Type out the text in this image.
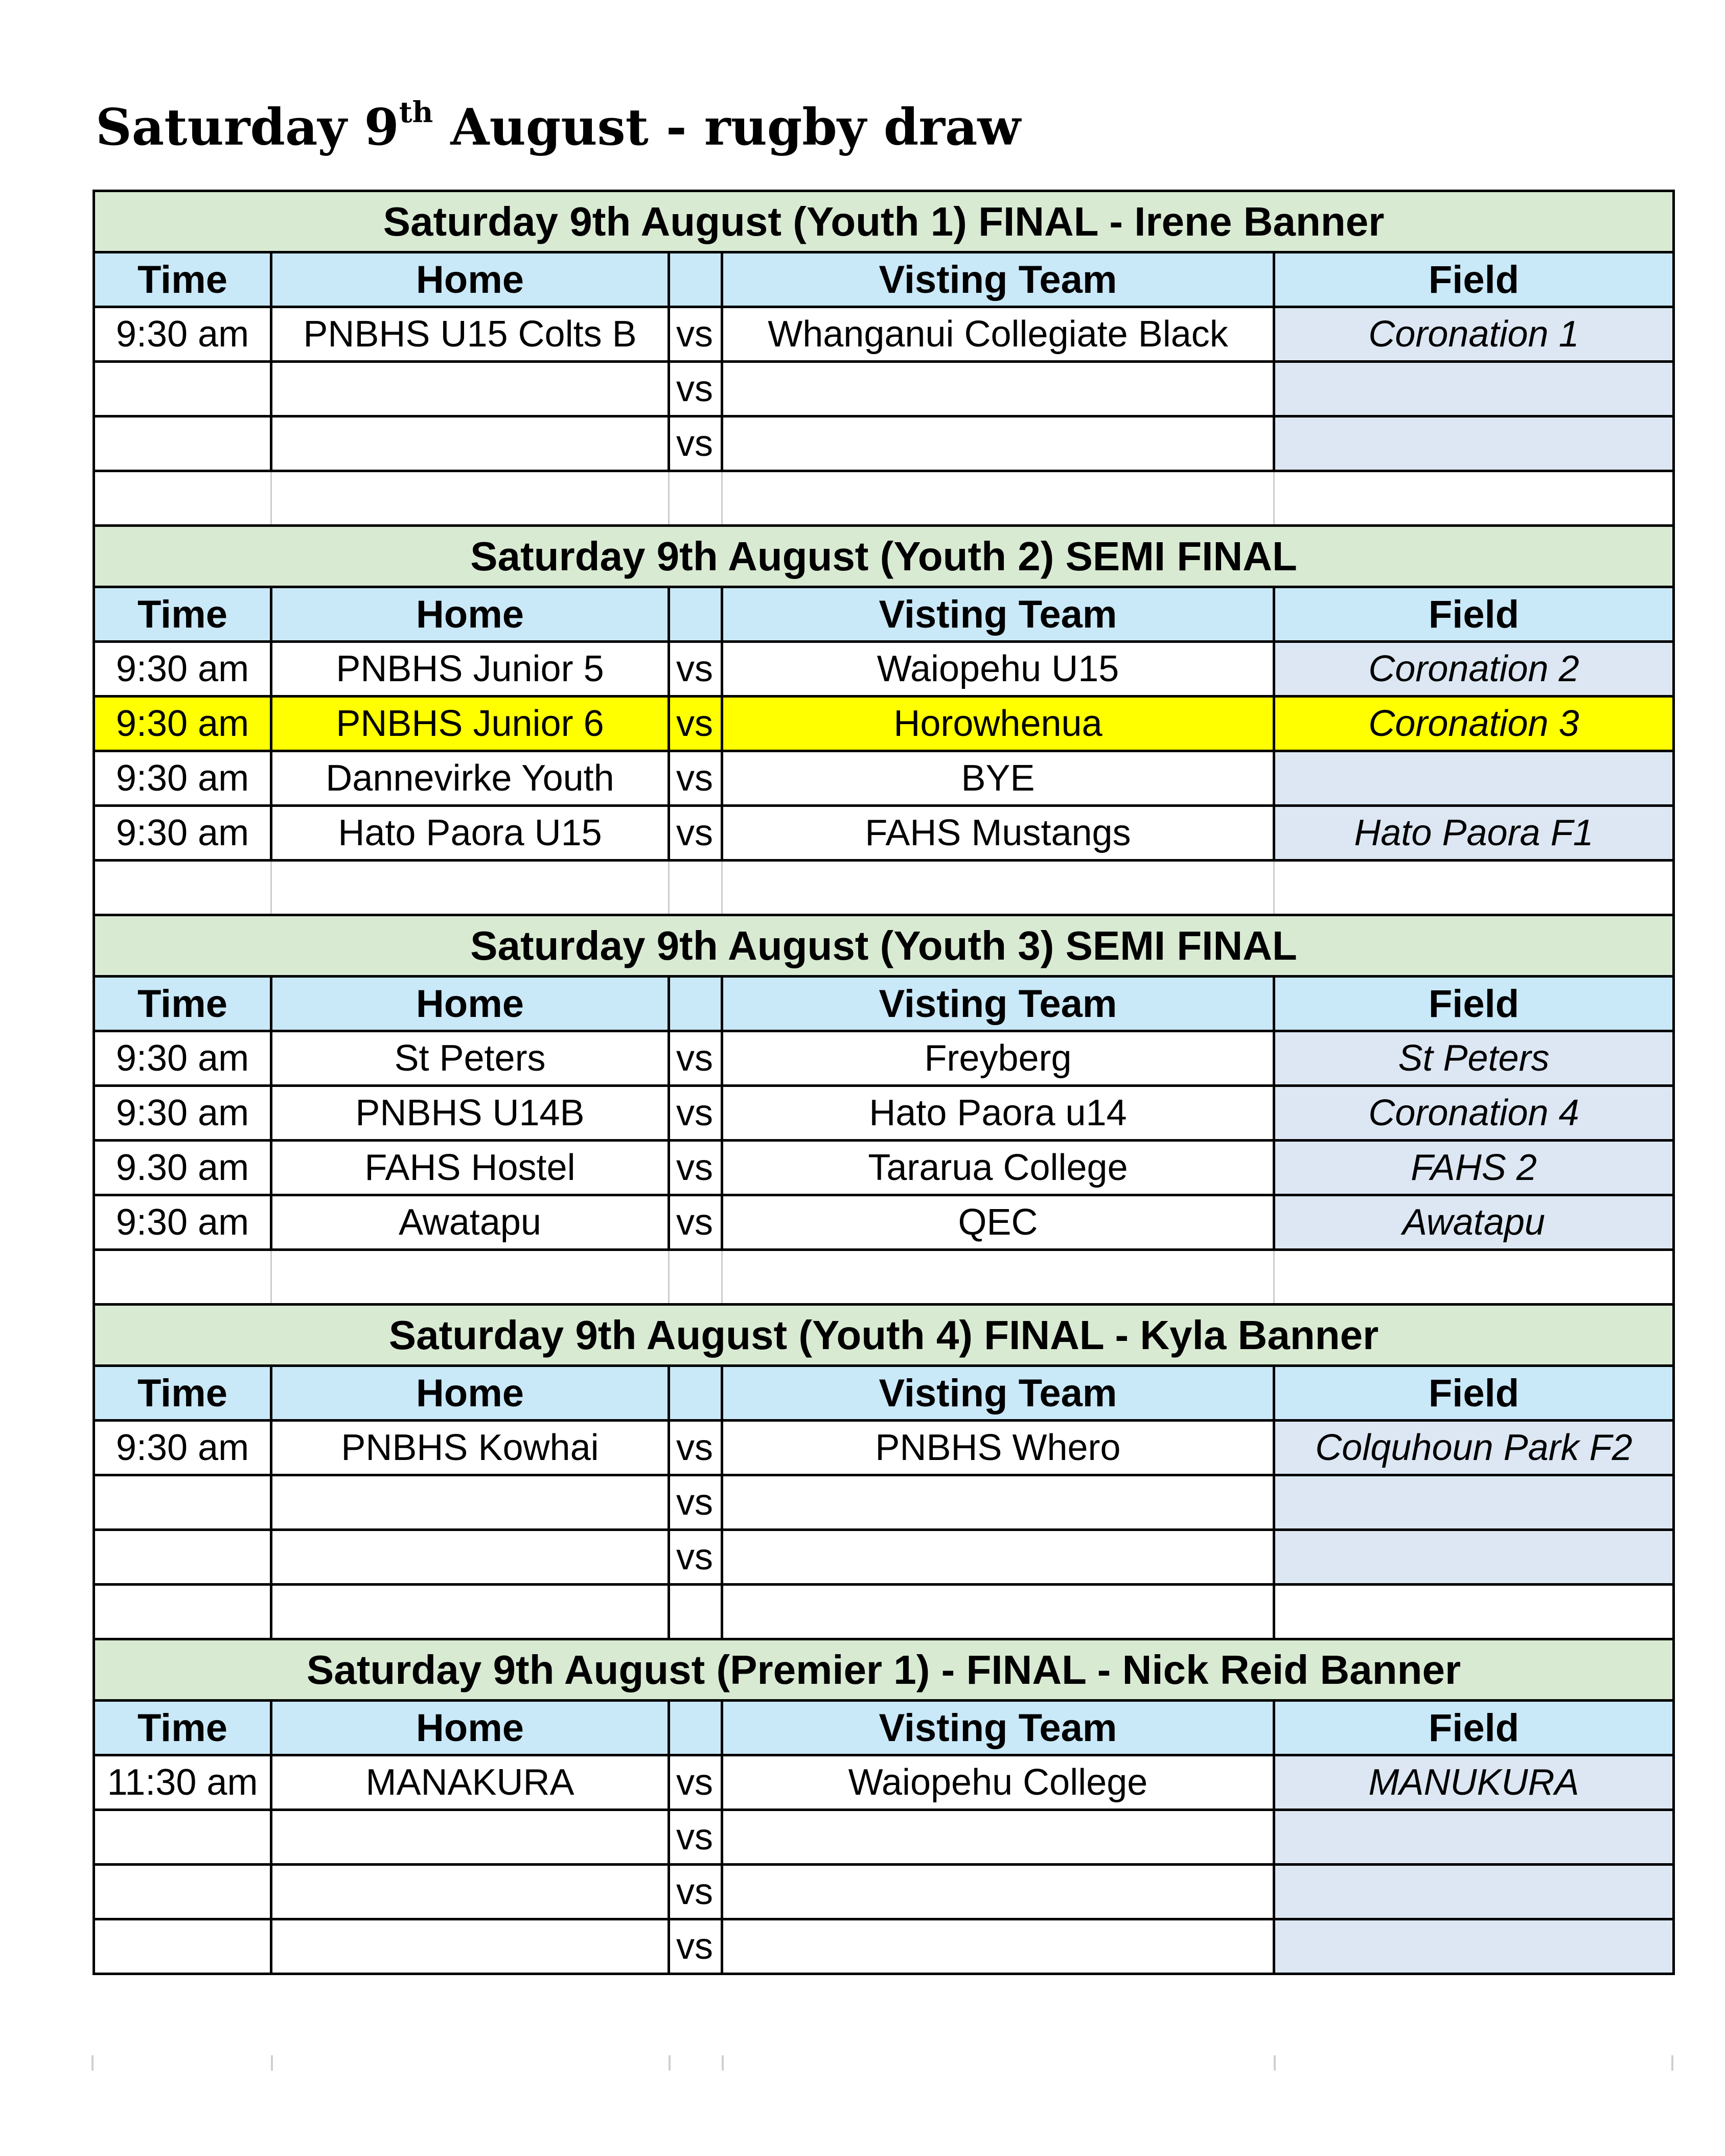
Saturday 9th August - rugby draw
Saturday 9th August (Youth 1) FINAL - Irene Banner				
Time	Home		Visting Team	Field
9:30 am	PNBHS U15 Colts B	vs	Whanganui Collegiate Black	Coronation 1
		vs		
		vs		

Saturday 9th August (Youth 2) SEMI FINAL				
Time	Home		Visting Team	Field
9:30 am	PNBHS Junior 5	vs	Waiopehu U15	Coronation 2
9:30 am	PNBHS Junior 6	vs	Horowhenua	Coronation 3
9:30 am	Dannevirke Youth	vs	BYE	
9:30 am	Hato Paora U15	vs	FAHS Mustangs	Hato Paora F1

Saturday 9th August (Youth 3) SEMI FINAL				
Time	Home		Visting Team	Field
9:30 am	St Peters	vs	Freyberg	St Peters
9:30 am	PNBHS U14B	vs	Hato Paora u14	Coronation 4
9.30 am	FAHS Hostel	vs	Tararua College	FAHS 2
9:30 am	Awatapu	vs	QEC	Awatapu

Saturday 9th August (Youth 4) FINAL - Kyla Banner				
Time	Home		Visting Team	Field
9:30 am	PNBHS Kowhai	vs	PNBHS Whero	Colquhoun Park F2
		vs		
		vs		

Saturday 9th August (Premier 1) - FINAL - Nick Reid Banner				
Time	Home		Visting Team	Field
11:30 am	MANAKURA	vs	Waiopehu College	MANUKURA
		vs		
		vs		
		vs		
